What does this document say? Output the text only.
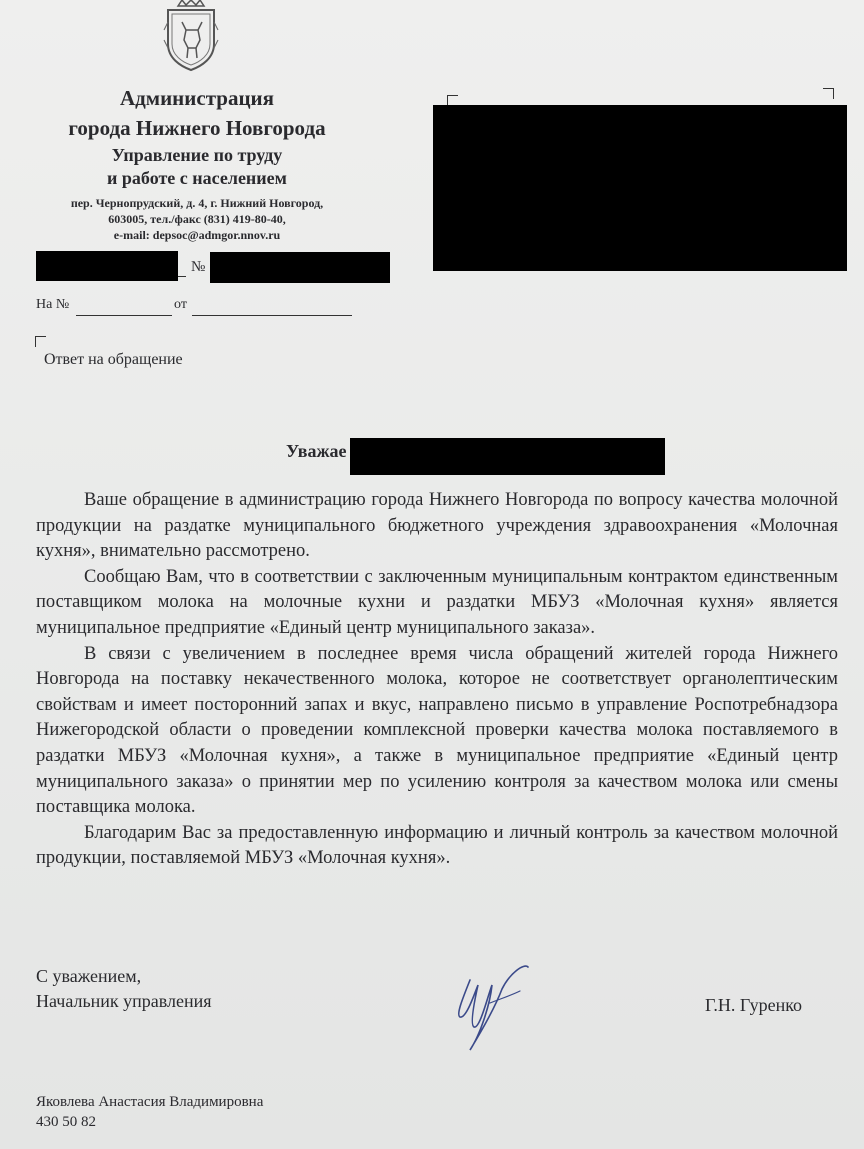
Администрация
города Нижнего Новгорода
Управление по труду
и работе с населением
пер. Чернопрудский, д. 4, г. Нижний Новгород,
603005, тел./факс (831) 419-80-40,
e-mail: depsoc@admgor.nnov.ru
№
На №	от
Ответ на обращение
Уважае

Ваше обращение в администрацию города Нижнего Новгорода по вопросу качества молочной продукции на раздатке муниципального бюджетного учреждения здравоохранения «Молочная кухня», внимательно рассмотрено.

Сообщаю Вам, что в соответствии с заключенным муниципальным контрактом единственным поставщиком молока на молочные кухни и раздатки МБУЗ «Молочная кухня» является муниципальное предприятие «Единый центр муниципального заказа».

В связи с увеличением в последнее время числа обращений жителей города Нижнего Новгорода на поставку некачественного молока, которое не соответствует органолептическим свойствам и имеет посторонний запах и вкус, направлено письмо в управление Роспотребнадзора Нижегородской области о проведении комплексной проверки качества молока поставляемого в раздатки МБУЗ «Молочная кухня», а также в муниципальное предприятие «Единый центр муниципального заказа» о принятии мер по усилению контроля за качеством молока или смены поставщика молока.

Благодарим Вас за предоставленную информацию и личный контроль за качеством молочной продукции, поставляемой МБУЗ «Молочная кухня».

С уважением,
Начальник управления	Г.Н. Гуренко
Яковлева Анастасия Владимировна
430 50 82
